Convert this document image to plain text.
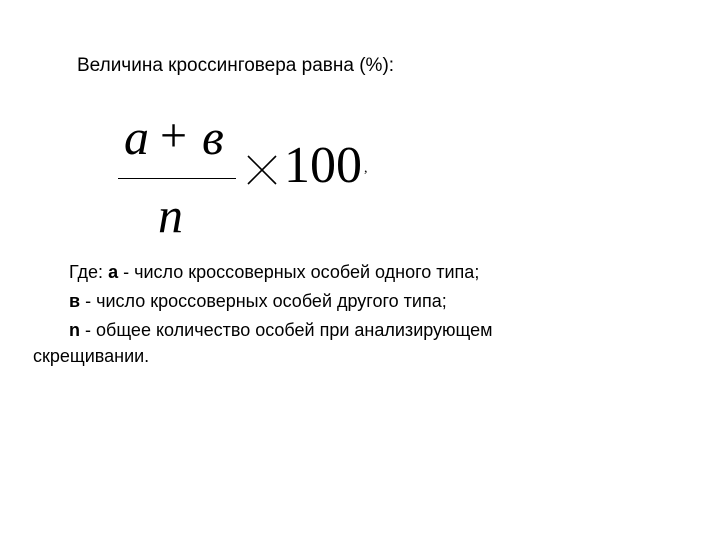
Величина кроссинговера равна (%):
а + в
n
100 ,
Где: а - число кроссоверных особей одного типа;
в - число кроссоверных особей другого типа;
n - общее количество особей при анализирующем
скрещивании.
